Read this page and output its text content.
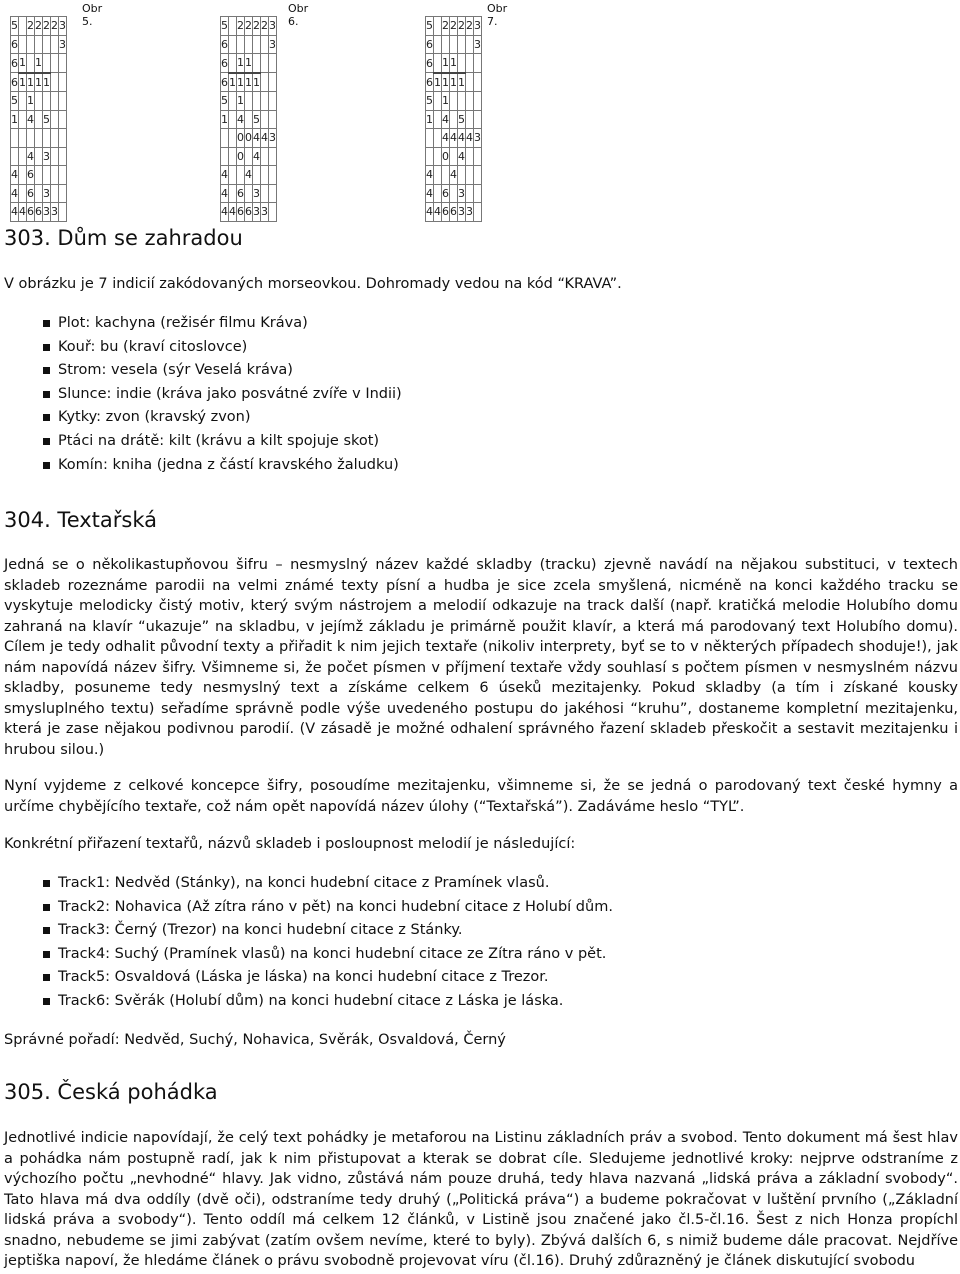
Obr 5.
5		2	2	2	2	3
6						3
6	1		1			
6	1	1	1	1		
5		1				
1		4		5		

		4		3		
4		6				
4		6		3		
4	4	6	6	3	3	
Obr 6.
5		2	2	2	2	3
6						3
6		1	1			
6	1	1	1	1		
5		1				
1		4		5		
		0	0	4	4	3
		0		4		
4			4			
4		6		3		
4	4	6	6	3	3	
Obr 7.
5		2	2	2	2	3
6						3
6		1	1			
6	1	1	1	1		
5		1				
1		4		5		
		4	4	4	4	3
		0		4		
4			4			
4		6		3		
4	4	6	6	3	3	
303. Dům se zahradou

V obrázku je 7 indicií zakódovaných morseovkou. Dohromady vedou na kód “KRAVA”.

Plot: kachyna (režisér filmu Kráva)
Kouř: bu (kraví citoslovce)
Strom: vesela (sýr Veselá kráva)
Slunce: indie (kráva jako posvátné zvíře v Indii)
Kytky: zvon (kravský zvon)
Ptáci na drátě: kilt (krávu a kilt spojuje skot)
Komín: kniha (jedna z částí kravského žaludku)
304. Textařská

Jedná se o několikastupňovou šifru – nesmyslný název každé skladby (tracku) zjevně navádí na nějakou substituci, v textech skladeb rozeznáme parodii na velmi známé texty písní a hudba je sice zcela smyšlená, nicméně na konci každého tracku se vyskytuje melodicky čistý motiv, který svým nástrojem a melodií odkazuje na track další (např. kratičká melodie Holubího domu zahraná na klavír “ukazuje” na skladbu, v jejímž základu je primárně použit klavír, a která má parodovaný text Holubího domu). Cílem je tedy odhalit původní texty a přiřadit k nim jejich textaře (nikoliv interprety, byť se to v některých případech shoduje!), jak nám napovídá název šifry. Všimneme si, že počet písmen v příjmení textaře vždy souhlasí s počtem písmen v nesmyslném názvu skladby, posuneme tedy nesmyslný text a získáme celkem 6 úseků mezitajenky. Pokud skladby (a tím i získané kousky smysluplného textu) seřadíme správně podle výše uvedeného postupu do jakéhosi “kruhu”, dostaneme kompletní mezitajenku, která je zase nějakou podivnou parodií. (V zásadě je možné odhalení správného řazení skladeb přeskočit a sestavit mezitajenku i hrubou silou.)

Nyní vyjdeme z celkové koncepce šifry, posoudíme mezitajenku, všimneme si, že se jedná o parodovaný text české hymny a určíme chybějícího textaře, což nám opět napovídá název úlohy (“Textařská”). Zadáváme heslo “TYL”.

Konkrétní přiřazení textařů, názvů skladeb i posloupnost melodií je následující:

Track1: Nedvěd (Stánky), na konci hudební citace z Pramínek vlasů.
Track2: Nohavica (Až zítra ráno v pět) na konci hudební citace z Holubí dům.
Track3: Černý (Trezor) na konci hudební citace z Stánky.
Track4: Suchý (Pramínek vlasů) na konci hudební citace ze Zítra ráno v pět.
Track5: Osvaldová (Láska je láska) na konci hudební citace z Trezor.
Track6: Svěrák (Holubí dům) na konci hudební citace z Láska je láska.

Správné pořadí: Nedvěd, Suchý, Nohavica, Svěrák, Osvaldová, Černý

305. Česká pohádka

Jednotlivé indicie napovídají, že celý text pohádky je metaforou na Listinu základních práv a svobod. Tento dokument má šest hlav a pohádka nám postupně radí, jak k nim přistupovat a kterak se dobrat cíle. Sledujeme jednotlivé kroky: nejprve odstraníme z výchozího počtu „nevhodné“ hlavy. Jak vidno, zůstává nám pouze druhá, tedy hlava nazvaná „lidská práva a základní svobody“. Tato hlava má dva oddíly (dvě oči), odstraníme tedy druhý („Politická práva“) a budeme pokračovat v luštění prvního („Základní lidská práva a svobody“). Tento oddíl má celkem 12 článků, v Listině jsou značené jako čl.5-čl.16. Šest z nich Honza propíchl snadno, nebudeme se jimi zabývat (zatím ovšem nevíme, které to byly). Zbývá dalších 6, s nimiž budeme dále pracovat. Nejdříve jeptiška napoví, že hledáme článek o právu svobodně projevovat víru (čl.16). Druhý zdůrazněný je článek diskutující svobodu
